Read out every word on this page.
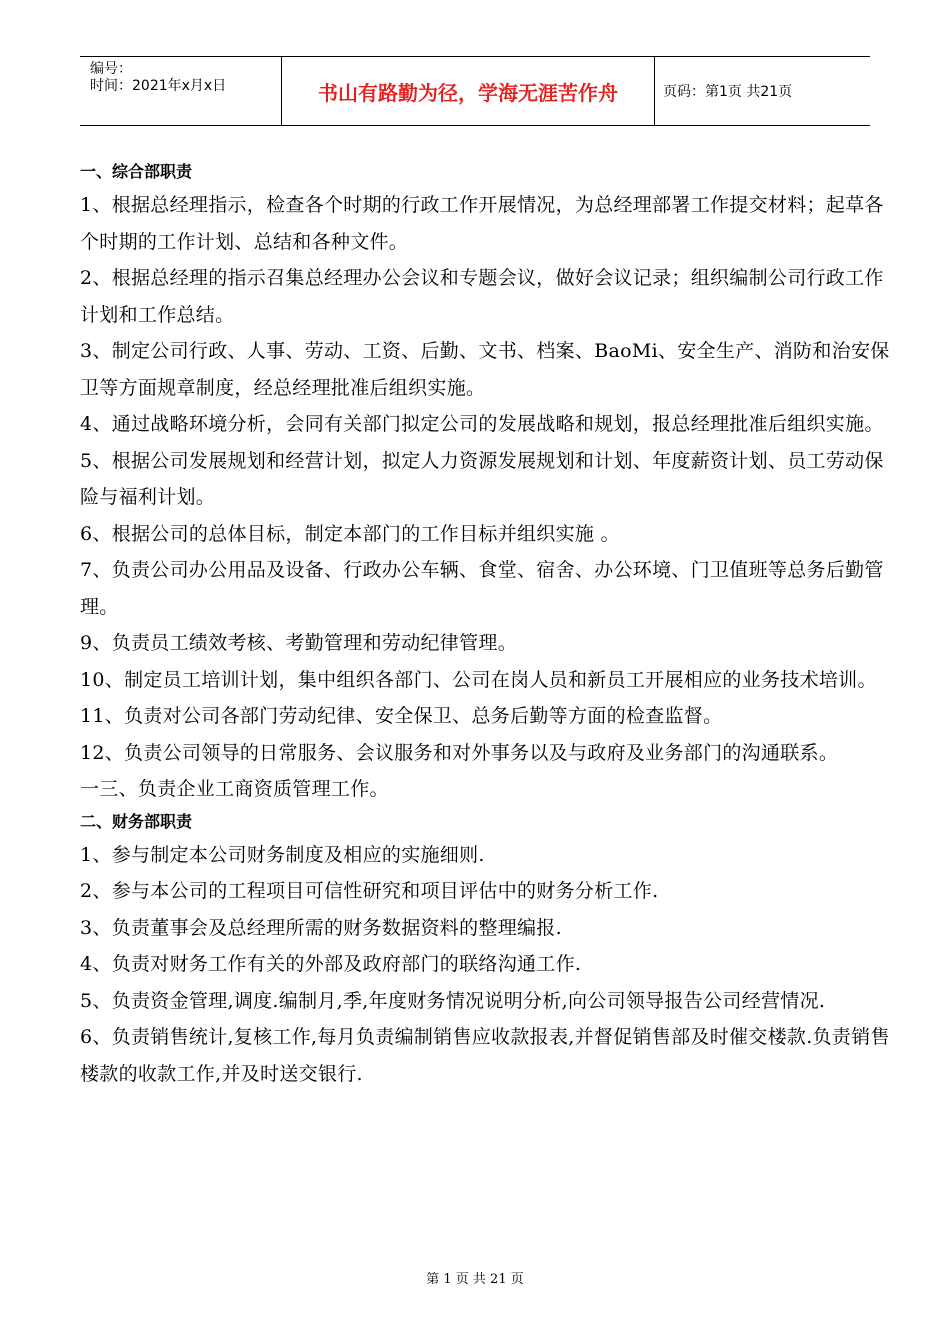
编号：
时间：2021年x月x日	书山有路勤为径，学海无涯苦作舟	页码：第1页 共21页
一、综合部职责
1、根据总经理指示，检查各个时期的行政工作开展情况，为总经理部署工作提交材料；起草各个时期的工作计划、总结和各种文件。
2、根据总经理的指示召集总经理办公会议和专题会议，做好会议记录；组织编制公司行政工作计划和工作总结。
3、制定公司行政、人事、劳动、工资、后勤、文书、档案、BaoMi、安全生产、消防和治安保卫等方面规章制度，经总经理批准后组织实施。
4、通过战略环境分析，会同有关部门拟定公司的发展战略和规划，报总经理批准后组织实施。
5、根据公司发展规划和经营计划，拟定人力资源发展规划和计划、年度薪资计划、员工劳动保险与福利计划。
6、根据公司的总体目标，制定本部门的工作目标并组织实施 。
7、负责公司办公用品及设备、行政办公车辆、食堂、宿舍、办公环境、门卫值班等总务后勤管理。
9、负责员工绩效考核、考勤管理和劳动纪律管理。
10、制定员工培训计划，集中组织各部门、公司在岗人员和新员工开展相应的业务技术培训。
11、负责对公司各部门劳动纪律、安全保卫、总务后勤等方面的检查监督。
12、负责公司领导的日常服务、会议服务和对外事务以及与政府及业务部门的沟通联系。
一三、负责企业工商资质管理工作。
二、财务部职责
1、参与制定本公司财务制度及相应的实施细则.
2、参与本公司的工程项目可信性研究和项目评估中的财务分析工作.
3、负责董事会及总经理所需的财务数据资料的整理编报.
4、负责对财务工作有关的外部及政府部门的联络沟通工作.
5、负责资金管理,调度.编制月,季,年度财务情况说明分析,向公司领导报告公司经营情况.
6、负责销售统计,复核工作,每月负责编制销售应收款报表,并督促销售部及时催交楼款.负责销售楼款的收款工作,并及时送交银行.
第 1 页 共 21 页
